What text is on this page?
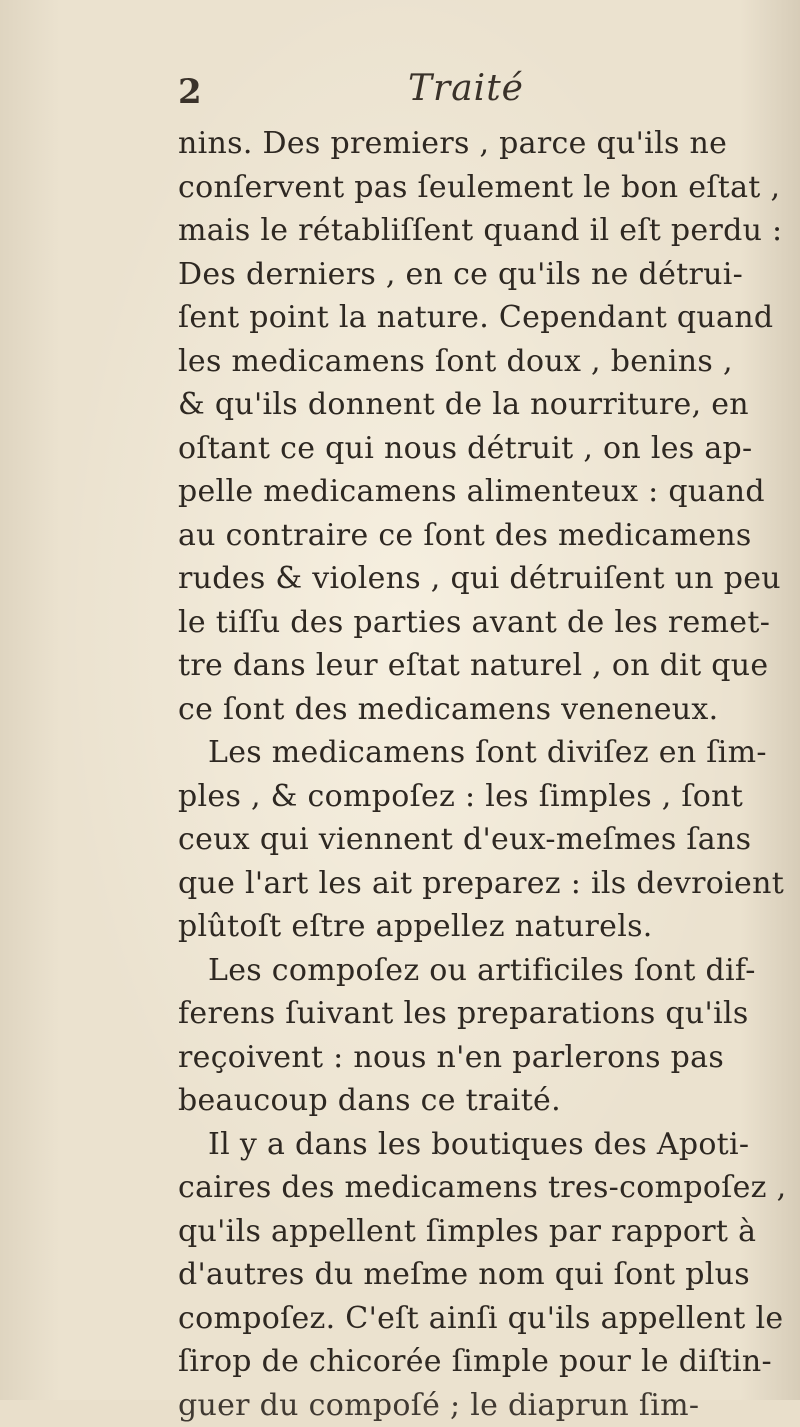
2	Traité
nins. Des premiers , parce qu'ils ne
conſervent pas ſeulement le bon eſtat ,
mais le rétabliſſent quand il eſt perdu :
Des derniers , en ce qu'ils ne détrui-
ſent point la nature. Cependant quand
les medicamens ſont doux , benins ,
& qu'ils donnent de la nourriture, en
oſtant ce qui nous détruit , on les ap-
pelle medicamens alimenteux : quand
au contraire ce ſont des medicamens
rudes & violens , qui détruiſent un peu
le tiſſu des parties avant de les remet-
tre dans leur eſtat naturel , on dit que
ce ſont des medicamens veneneux.
Les medicamens ſont diviſez en ſim-
ples , & compoſez : les ſimples , ſont
ceux qui viennent d'eux-meſmes ſans
que l'art les ait preparez : ils devroient
plûtoſt eſtre appellez naturels.
Les compoſez ou artificiles ſont dif-
ferens ſuivant les preparations qu'ils
reçoivent : nous n'en parlerons pas
beaucoup dans ce traité.
Il y a dans les boutiques des Apoti-
caires des medicamens tres-compoſez ,
qu'ils appellent ſimples par rapport à
d'autres du meſme nom qui ſont plus
compoſez. C'eſt ainſi qu'ils appellent le
ſirop de chicorée ſimple pour le diſtin-
guer du compoſé ; le diaprun ſim-
